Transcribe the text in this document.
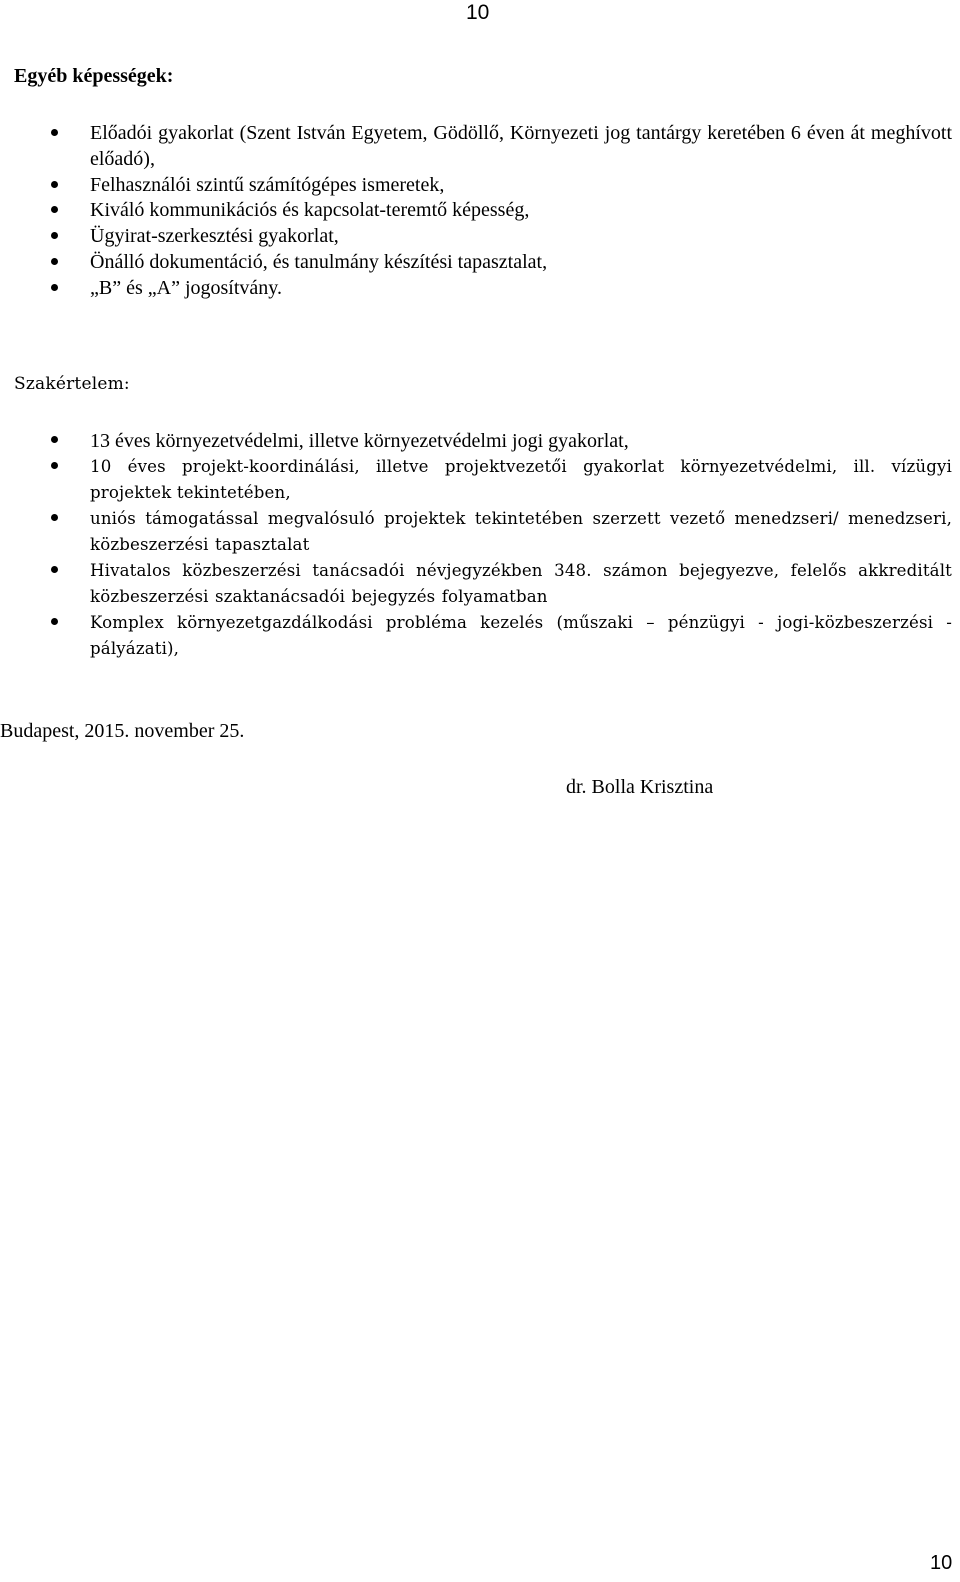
10
Egyéb képességek:
Előadói gyakorlat (Szent István Egyetem, Gödöllő, Környezeti jog tantárgy keretében 6 éven át meghívott előadó),
Felhasználói szintű számítógépes ismeretek,
Kiváló kommunikációs és kapcsolat-teremtő képesség,
Ügyirat-szerkesztési gyakorlat,
Önálló dokumentáció, és tanulmány készítési tapasztalat,
„B” és „A” jogosítvány.
Szakértelem:
13 éves környezetvédelmi, illetve környezetvédelmi jogi gyakorlat,
10 éves projekt-koordinálási, illetve projektvezetői gyakorlat környezetvédelmi, ill. vízügyi projektek tekintetében,
uniós támogatással megvalósuló projektek tekintetében szerzett vezető menedzseri/ menedzseri, közbeszerzési tapasztalat
Hivatalos közbeszerzési tanácsadói névjegyzékben 348. számon bejegyezve, felelős akkreditált közbeszerzési szaktanácsadói bejegyzés folyamatban
Komplex környezetgazdálkodási probléma kezelés (műszaki – pénzügyi - jogi-közbeszerzési - pályázati),
Budapest, 2015. november 25.
dr. Bolla Krisztina
10
